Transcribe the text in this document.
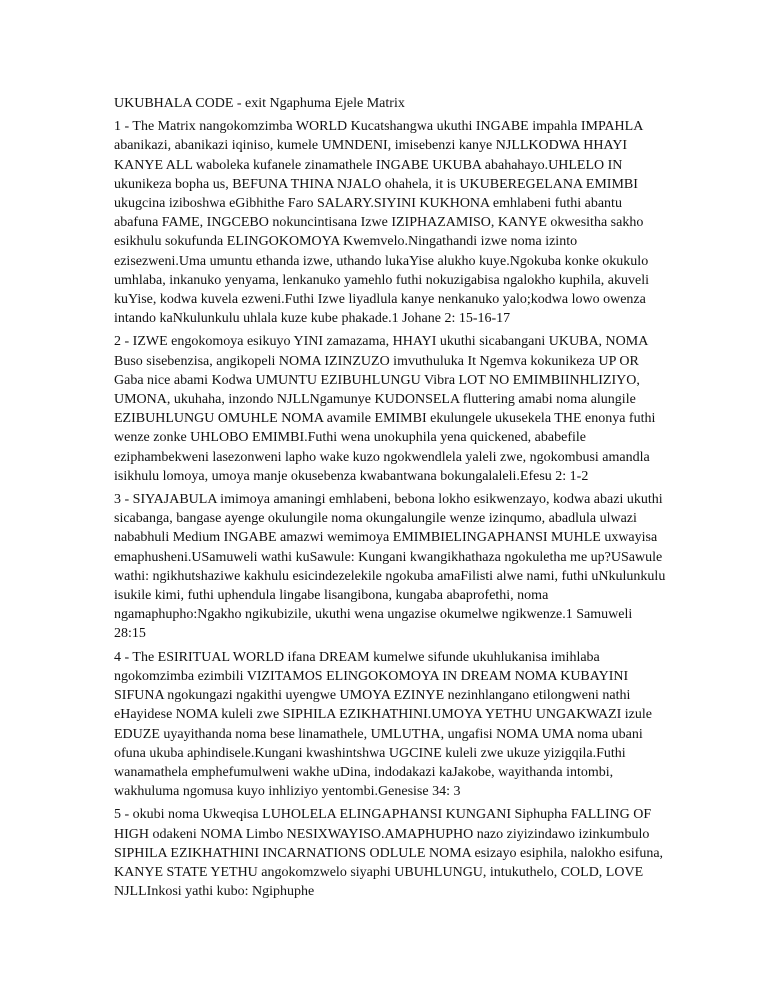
UKUBHALA CODE - exit Ngaphuma Ejele Matrix

1 - The Matrix nangokomzimba WORLD Kucatshangwa ukuthi INGABE impahla IMPAHLA abanikazi, abanikazi iqiniso, kumele UMNDENI, imisebenzi kanye NJLLKODWA HHAYI KANYE ALL waboleka kufanele zinamathele INGABE UKUBA abahahayo.UHLELO IN ukunikeza bopha us, BEFUNA THINA NJALO ohahela, it is UKUBEREGELANA EMIMBI ukugcina iziboshwa eGibhithe Faro SALARY.SIYINI KUKHONA emhlabeni futhi abantu abafuna FAME, INGCEBO nokuncintisana Izwe IZIPHAZAMISO, KANYE okwesitha sakho esikhulu sokufunda ELINGOKOMOYA Kwemvelo.Ningathandi izwe noma izinto ezisezweni.Uma umuntu ethanda izwe, uthando lukaYise alukho kuye.Ngokuba konke okukulo umhlaba, inkanuko yenyama, lenkanuko yamehlo futhi nokuzigabisa ngalokho kuphila, akuveli kuYise, kodwa kuvela ezweni.Futhi Izwe liyadlula kanye nenkanuko yalo;kodwa lowo owenza intando kaNkulunkulu uhlala kuze kube phakade.1 Johane 2: 15-16-17

2 - IZWE engokomoya esikuyo YINI zamazama, HHAYI ukuthi sicabangani UKUBA, NOMA Buso sisebenzisa, angikopeli NOMA IZINZUZO imvuthuluka It Ngemva kokunikeza UP OR Gaba nice abami Kodwa UMUNTU EZIBUHLUNGU Vibra LOT NO EMIMBIINHLIZIYO, UMONA, ukuhaha, inzondo NJLLNgamunye KUDONSELA fluttering amabi noma alungile EZIBUHLUNGU OMUHLE NOMA avamile EMIMBI ekulungele ukusekela THE enonya futhi wenze zonke UHLOBO EMIMBI.Futhi wena unokuphila yena quickened, ababefile eziphambekweni lasezonweni lapho wake kuzo ngokwendlela yaleli zwe, ngokombusi amandla isikhulu lomoya, umoya manje okusebenza kwabantwana bokungalaleli.Efesu 2: 1-2

3 - SIYAJABULA imimoya amaningi emhlabeni, bebona lokho esikwenzayo, kodwa abazi ukuthi sicabanga, bangase ayenge okulungile noma okungalungile wenze izinqumo, abadlula ulwazi nababhuli Medium INGABE amazwi wemimoya EMIMBIELINGAPHANSI MUHLE uxwayisa emaphusheni.USamuweli wathi kuSawule: Kungani kwangikhathaza ngokuletha me up?USawule wathi: ngikhutshaziwe kakhulu esicindezelekile ngokuba amaFilisti alwe nami, futhi uNkulunkulu isukile kimi, futhi uphendula lingabe lisangibona, kungaba abaprofethi, noma ngamaphupho:Ngakho ngikubizile, ukuthi wena ungazise okumelwe ngikwenze.1 Samuweli 28:15

4 - The ESIRITUAL WORLD ifana DREAM kumelwe sifunde ukuhlukanisa imihlaba ngokomzimba ezimbili VIZITAMOS ELINGOKOMOYA IN DREAM NOMA KUBAYINI SIFUNA ngokungazi ngakithi uyengwe UMOYA EZINYE nezinhlangano etilongweni nathi eHayidese NOMA kuleli zwe SIPHILA EZIKHATHINI.UMOYA YETHU UNGAKWAZI izule EDUZE uyayithanda noma bese linamathele, UMLUTHA, ungafisi NOMA UMA noma ubani ofuna ukuba aphindisele.Kungani kwashintshwa UGCINE kuleli zwe ukuze yizigqila.Futhi wanamathela emphefumulweni wakhe uDina, indodakazi kaJakobe, wayithanda intombi, wakhuluma ngomusa kuyo inhliziyo yentombi.Genesise 34: 3

5 - okubi noma Ukweqisa LUHOLELA ELINGAPHANSI KUNGANI Siphupha FALLING OF HIGH odakeni NOMA Limbo NESIXWAYISO.AMAPHUPHO nazo ziyizindawo izinkumbulo SIPHILA EZIKHATHINI INCARNATIONS ODLULE NOMA esizayo esiphila, nalokho esifuna, KANYE STATE YETHU angokomzwelo siyaphi UBUHLUNGU, intukuthelo, COLD, LOVE NJLLInkosi yathi kubo: Ngiphuphe
